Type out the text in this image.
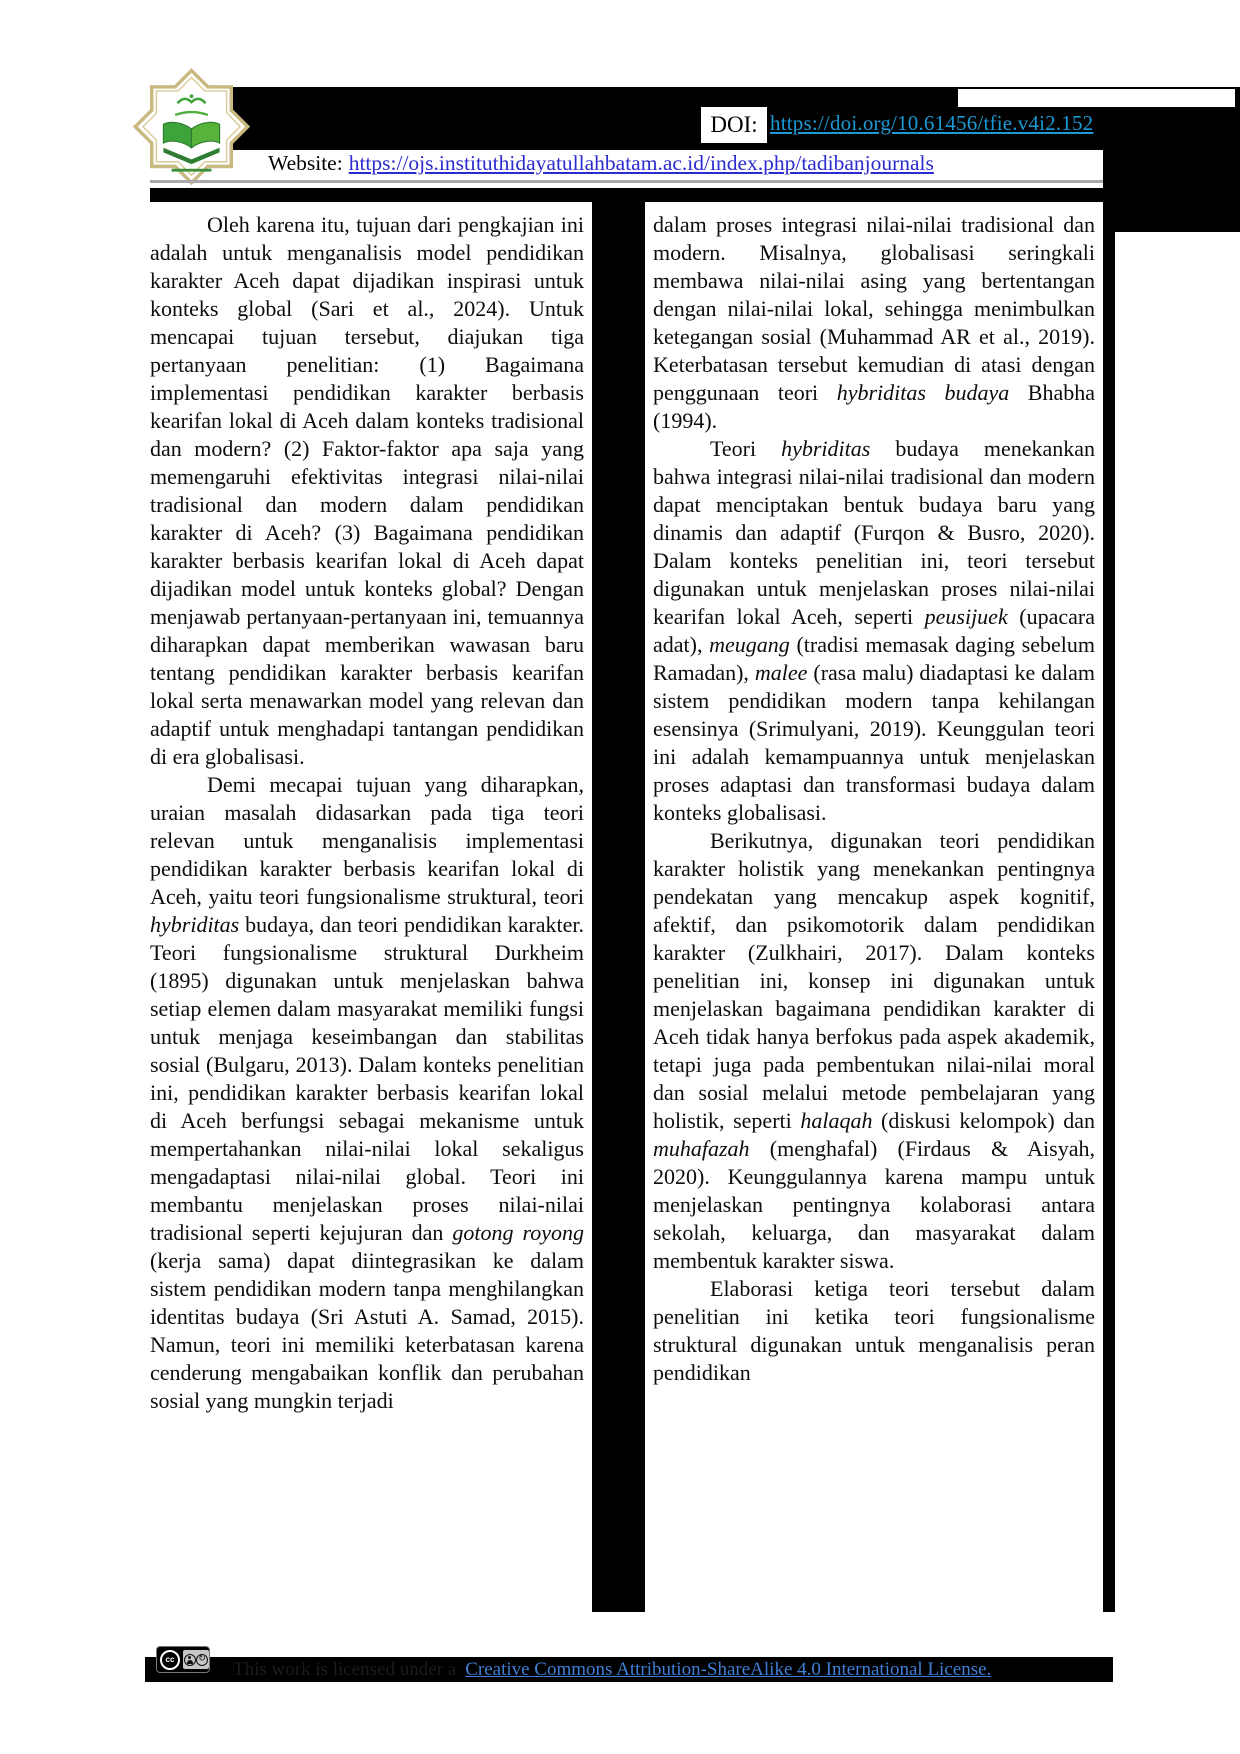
DOI: https://doi.org/10.61456/tfie.v4i2.152
Website: https://ojs.instituthidayatullahbatam.ac.id/index.php/tadibanjournals

Oleh karena itu, tujuan dari pengkajian ini adalah untuk menganalisis model pendidikan karakter Aceh dapat dijadikan inspirasi untuk konteks global (Sari et al., 2024). Untuk mencapai tujuan tersebut, diajukan tiga pertanyaan penelitian: (1) Bagaimana implementasi pendidikan karakter berbasis kearifan lokal di Aceh dalam konteks tradisional dan modern? (2) Faktor-faktor apa saja yang memengaruhi efektivitas integrasi nilai-nilai tradisional dan modern dalam pendidikan karakter di Aceh? (3) Bagaimana pendidikan karakter berbasis kearifan lokal di Aceh dapat dijadikan model untuk konteks global? Dengan menjawab pertanyaan-pertanyaan ini, temuannya diharapkan dapat memberikan wawasan baru tentang pendidikan karakter berbasis kearifan lokal serta menawarkan model yang relevan dan adaptif untuk menghadapi tantangan pendidikan di era globalisasi.

Demi mecapai tujuan yang diharapkan, uraian masalah didasarkan pada tiga teori relevan untuk menganalisis implementasi pendidikan karakter berbasis kearifan lokal di Aceh, yaitu teori fungsionalisme struktural, teori hybriditas budaya, dan teori pendidikan karakter. Teori fungsionalisme struktural Durkheim (1895) digunakan untuk menjelaskan bahwa setiap elemen dalam masyarakat memiliki fungsi untuk menjaga keseimbangan dan stabilitas sosial (Bulgaru, 2013). Dalam konteks penelitian ini, pendidikan karakter berbasis kearifan lokal di Aceh berfungsi sebagai mekanisme untuk mempertahankan nilai-nilai lokal sekaligus mengadaptasi nilai-nilai global. Teori ini membantu menjelaskan proses nilai-nilai tradisional seperti kejujuran dan gotong royong (kerja sama) dapat diintegrasikan ke dalam sistem pendidikan modern tanpa menghilangkan identitas budaya (Sri Astuti A. Samad, 2015). Namun, teori ini memiliki keterbatasan karena cenderung mengabaikan konflik dan perubahan sosial yang mungkin terjadi

dalam proses integrasi nilai-nilai tradisional dan modern. Misalnya, globalisasi seringkali membawa nilai-nilai asing yang bertentangan dengan nilai-nilai lokal, sehingga menimbulkan ketegangan sosial (Muhammad AR et al., 2019). Keterbatasan tersebut kemudian di atasi dengan penggunaan teori hybriditas budaya Bhabha (1994).

Teori hybriditas budaya menekankan bahwa integrasi nilai-nilai tradisional dan modern dapat menciptakan bentuk budaya baru yang dinamis dan adaptif (Furqon & Busro, 2020). Dalam konteks penelitian ini, teori tersebut digunakan untuk menjelaskan proses nilai-nilai kearifan lokal Aceh, seperti peusijuek (upacara adat), meugang (tradisi memasak daging sebelum Ramadan), malee (rasa malu) diadaptasi ke dalam sistem pendidikan modern tanpa kehilangan esensinya (Srimulyani, 2019). Keunggulan teori ini adalah kemampuannya untuk menjelaskan proses adaptasi dan transformasi budaya dalam konteks globalisasi.

Berikutnya, digunakan teori pendidikan karakter holistik yang menekankan pentingnya pendekatan yang mencakup aspek kognitif, afektif, dan psikomotorik dalam pendidikan karakter (Zulkhairi, 2017). Dalam konteks penelitian ini, konsep ini digunakan untuk menjelaskan bagaimana pendidikan karakter di Aceh tidak hanya berfokus pada aspek akademik, tetapi juga pada pembentukan nilai-nilai moral dan sosial melalui metode pembelajaran yang holistik, seperti halaqah (diskusi kelompok) dan muhafazah (menghafal) (Firdaus & Aisyah, 2020). Keunggulannya karena mampu untuk menjelaskan pentingnya kolaborasi antara sekolah, keluarga, dan masyarakat dalam membentuk karakter siswa.

Elaborasi ketiga teori tersebut dalam penelitian ini ketika teori fungsionalisme struktural digunakan untuk menganalisis peran pendidikan

This work is licensed under a Creative Commons Attribution-ShareAlike 4.0 International License.
cc	↻
